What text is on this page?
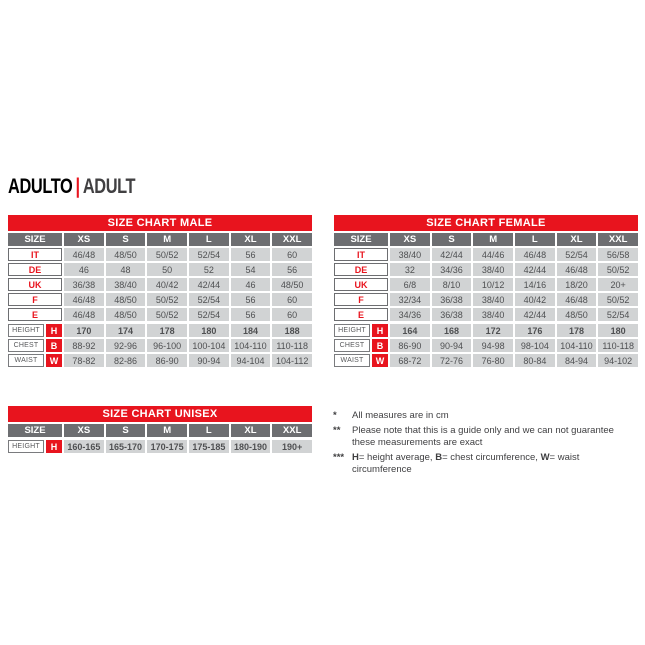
ADULTO | ADULT
SIZE CHART MALE
SIZE	XS	S	M	L	XL	XXL
IT	46/48	48/50	50/52	52/54	56	60
DE	46	48	50	52	54	56
UK	36/38	38/40	40/42	42/44	46	48/50
F	46/48	48/50	50/52	52/54	56	60
E	46/48	48/50	50/52	52/54	56	60
HEIGHT	H	170	174	178	180	184	188
CHEST	B	88-92	92-96	96-100	100-104 104-110	110-118
WAIST	W	78-82	82-86	86-90	90-94	94-104	104-112
SIZE CHART FEMALE
SIZE	XS	S	M	L	XL	XXL
IT	38/40	42/44	44/46	46/48	52/54	56/58
DE	32	34/36	38/40	42/44	46/48	50/52
UK	6/8	8/10	10/12	14/16	18/20	20+
F	32/34	36/38	38/40	40/42	46/48	50/52
E	34/36	36/38	38/40	42/44	48/50	52/54
HEIGHT	H	164	168	172	176	178	180
CHEST	B	86-90	90-94	94-98	98-104	104-110	110-118
WAIST	W	68-72	72-76	76-80	80-84	84-94	94-102
SIZE CHART UNISEX
SIZE	XS	S	M	L	XL	XXL
HEIGHT	H	160-165 165-170 170-175 175-185 180-190	190+
*	All measures are in cm
**	Please note that this is a guide only and we can not guarantee these measurements are exact
*** H= height average, B= chest circumference, W= waist circumference
